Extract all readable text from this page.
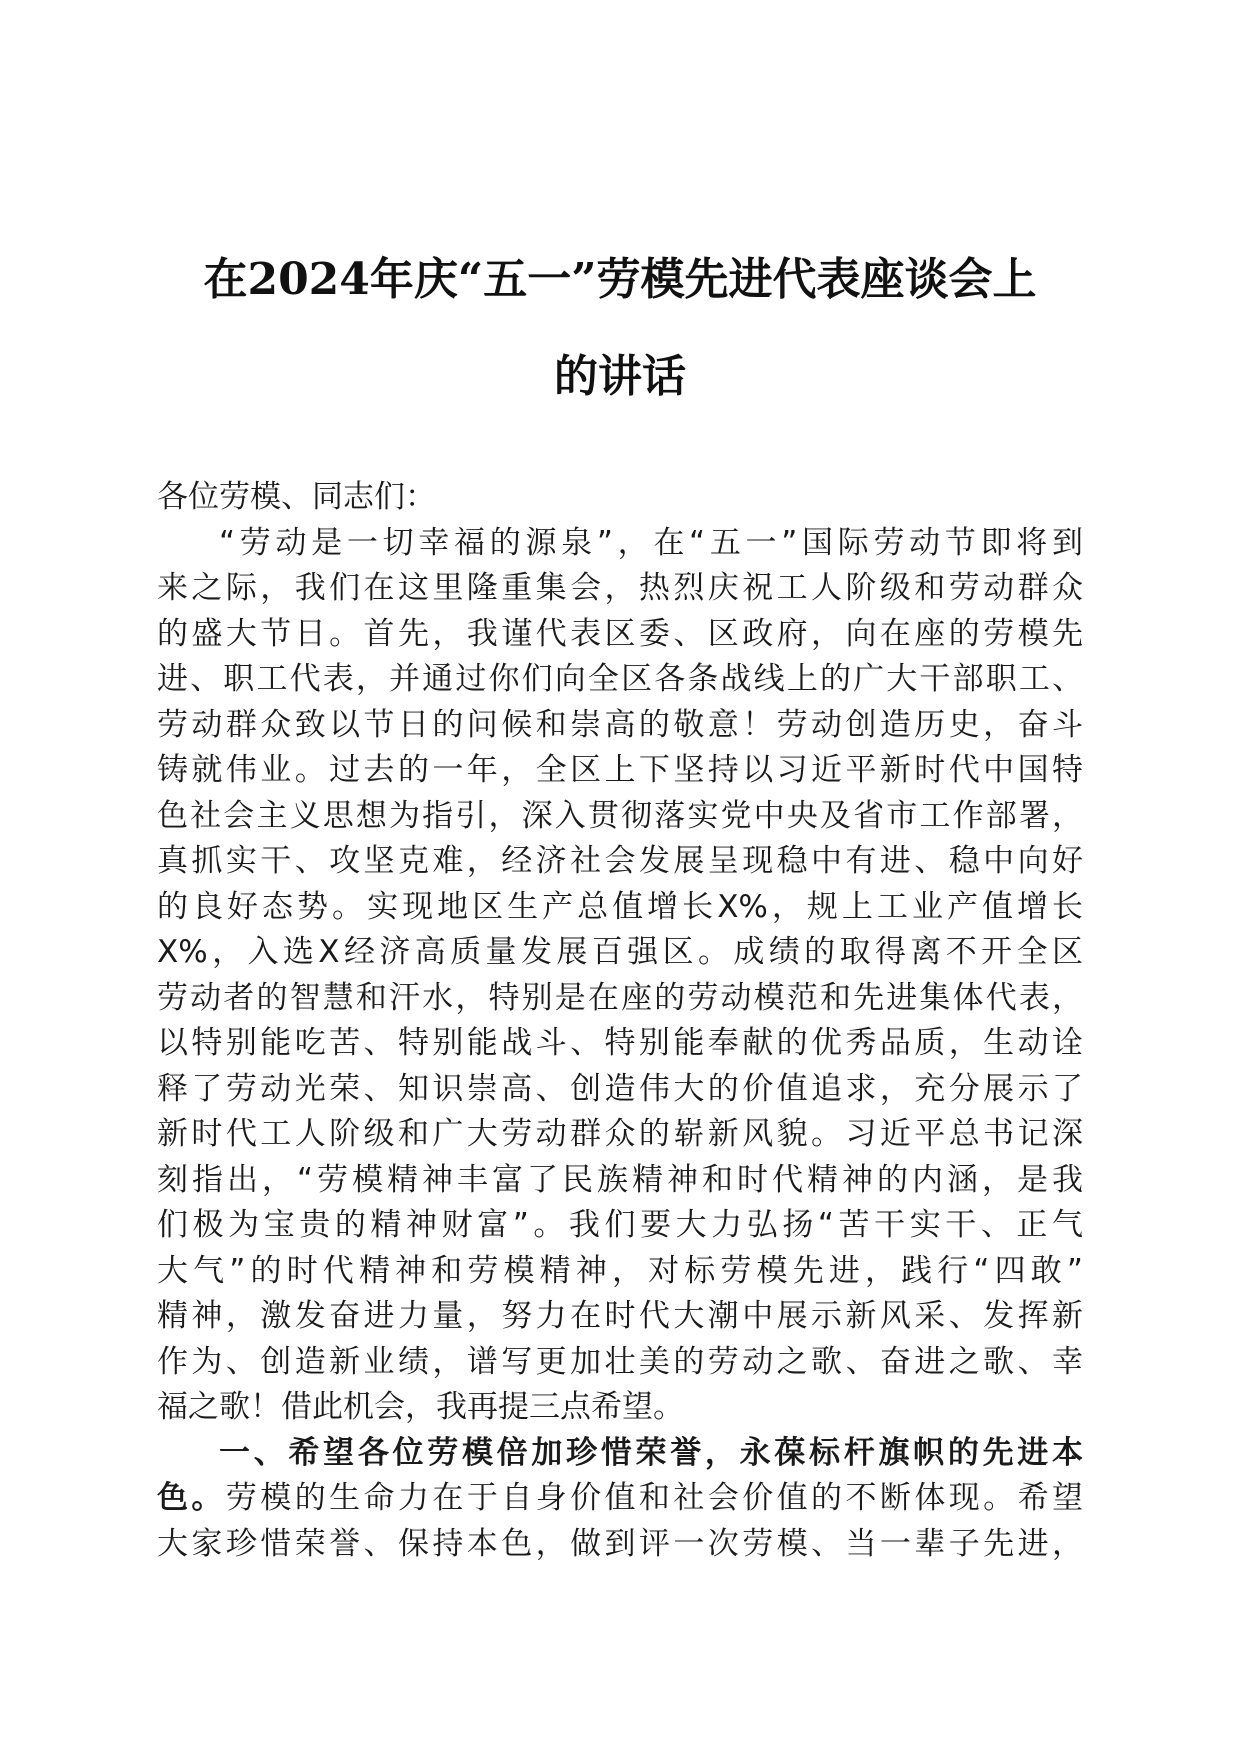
在2024年庆“五一”劳模先进代表座谈会上
的讲话
各位劳模、同志们：
“劳动是一切幸福的源泉”，在“五一”国际劳动节即将到
来之际，我们在这里隆重集会，热烈庆祝工人阶级和劳动群众
的盛大节日。首先，我谨代表区委、区政府，向在座的劳模先
进、职工代表，并通过你们向全区各条战线上的广大干部职工、
劳动群众致以节日的问候和崇高的敬意！劳动创造历史，奋斗
铸就伟业。过去的一年，全区上下坚持以习近平新时代中国特
色社会主义思想为指引，深入贯彻落实党中央及省市工作部署，
真抓实干、攻坚克难，经济社会发展呈现稳中有进、稳中向好
的良好态势。实现地区生产总值增长X%，规上工业产值增长
X%，入选X经济高质量发展百强区。成绩的取得离不开全区
劳动者的智慧和汗水，特别是在座的劳动模范和先进集体代表，
以特别能吃苦、特别能战斗、特别能奉献的优秀品质，生动诠
释了劳动光荣、知识崇高、创造伟大的价值追求，充分展示了
新时代工人阶级和广大劳动群众的崭新风貌。习近平总书记深
刻指出，“劳模精神丰富了民族精神和时代精神的内涵，是我
们极为宝贵的精神财富”。我们要大力弘扬“苦干实干、正气
大气”的时代精神和劳模精神，对标劳模先进，践行“四敢”
精神，激发奋进力量，努力在时代大潮中展示新风采、发挥新
作为、创造新业绩，谱写更加壮美的劳动之歌、奋进之歌、幸
福之歌！借此机会，我再提三点希望。
一、希望各位劳模倍加珍惜荣誉，永葆标杆旗帜的先进本
色。劳模的生命力在于自身价值和社会价值的不断体现。希望
大家珍惜荣誉、保持本色，做到评一次劳模、当一辈子先进，
